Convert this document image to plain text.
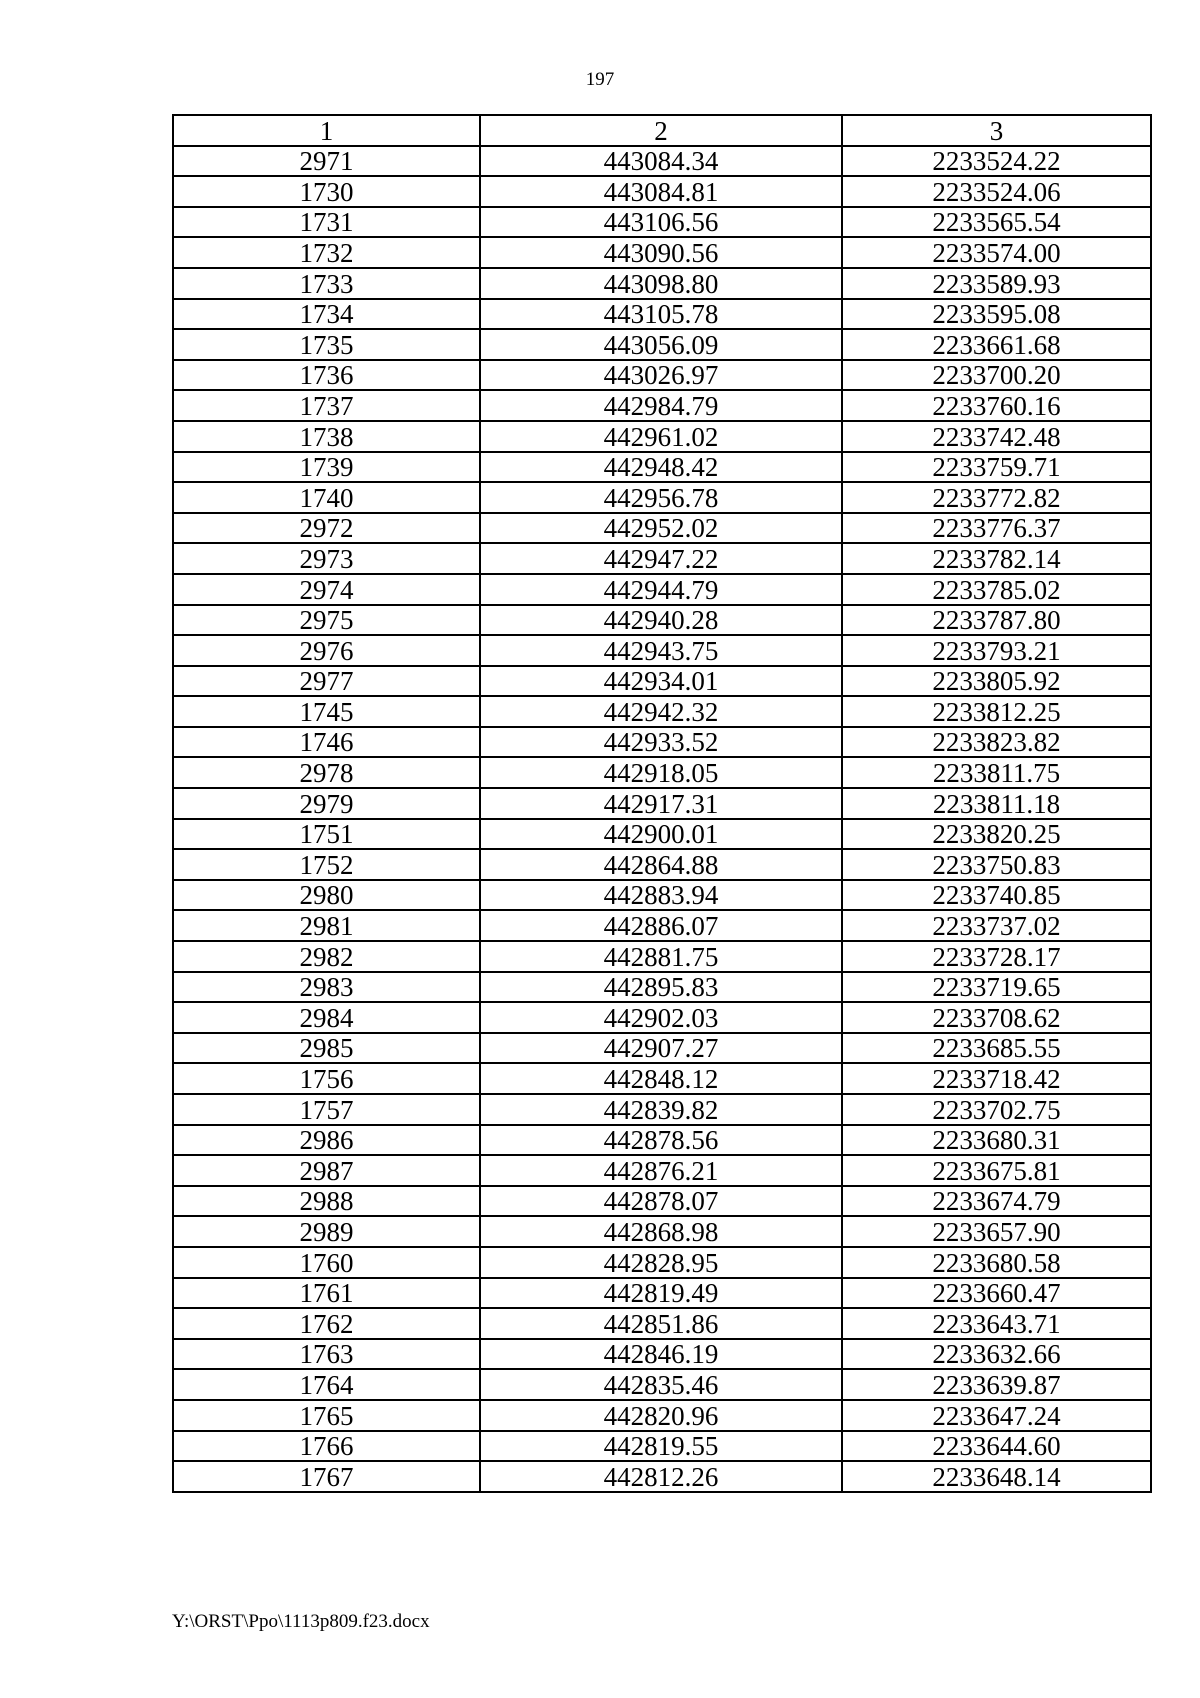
197
1	2	3
2971	443084.34	2233524.22
1730	443084.81	2233524.06
1731	443106.56	2233565.54
1732	443090.56	2233574.00
1733	443098.80	2233589.93
1734	443105.78	2233595.08
1735	443056.09	2233661.68
1736	443026.97	2233700.20
1737	442984.79	2233760.16
1738	442961.02	2233742.48
1739	442948.42	2233759.71
1740	442956.78	2233772.82
2972	442952.02	2233776.37
2973	442947.22	2233782.14
2974	442944.79	2233785.02
2975	442940.28	2233787.80
2976	442943.75	2233793.21
2977	442934.01	2233805.92
1745	442942.32	2233812.25
1746	442933.52	2233823.82
2978	442918.05	2233811.75
2979	442917.31	2233811.18
1751	442900.01	2233820.25
1752	442864.88	2233750.83
2980	442883.94	2233740.85
2981	442886.07	2233737.02
2982	442881.75	2233728.17
2983	442895.83	2233719.65
2984	442902.03	2233708.62
2985	442907.27	2233685.55
1756	442848.12	2233718.42
1757	442839.82	2233702.75
2986	442878.56	2233680.31
2987	442876.21	2233675.81
2988	442878.07	2233674.79
2989	442868.98	2233657.90
1760	442828.95	2233680.58
1761	442819.49	2233660.47
1762	442851.86	2233643.71
1763	442846.19	2233632.66
1764	442835.46	2233639.87
1765	442820.96	2233647.24
1766	442819.55	2233644.60
1767	442812.26	2233648.14
Y:\ORST\Ppo\1113p809.f23.docx
